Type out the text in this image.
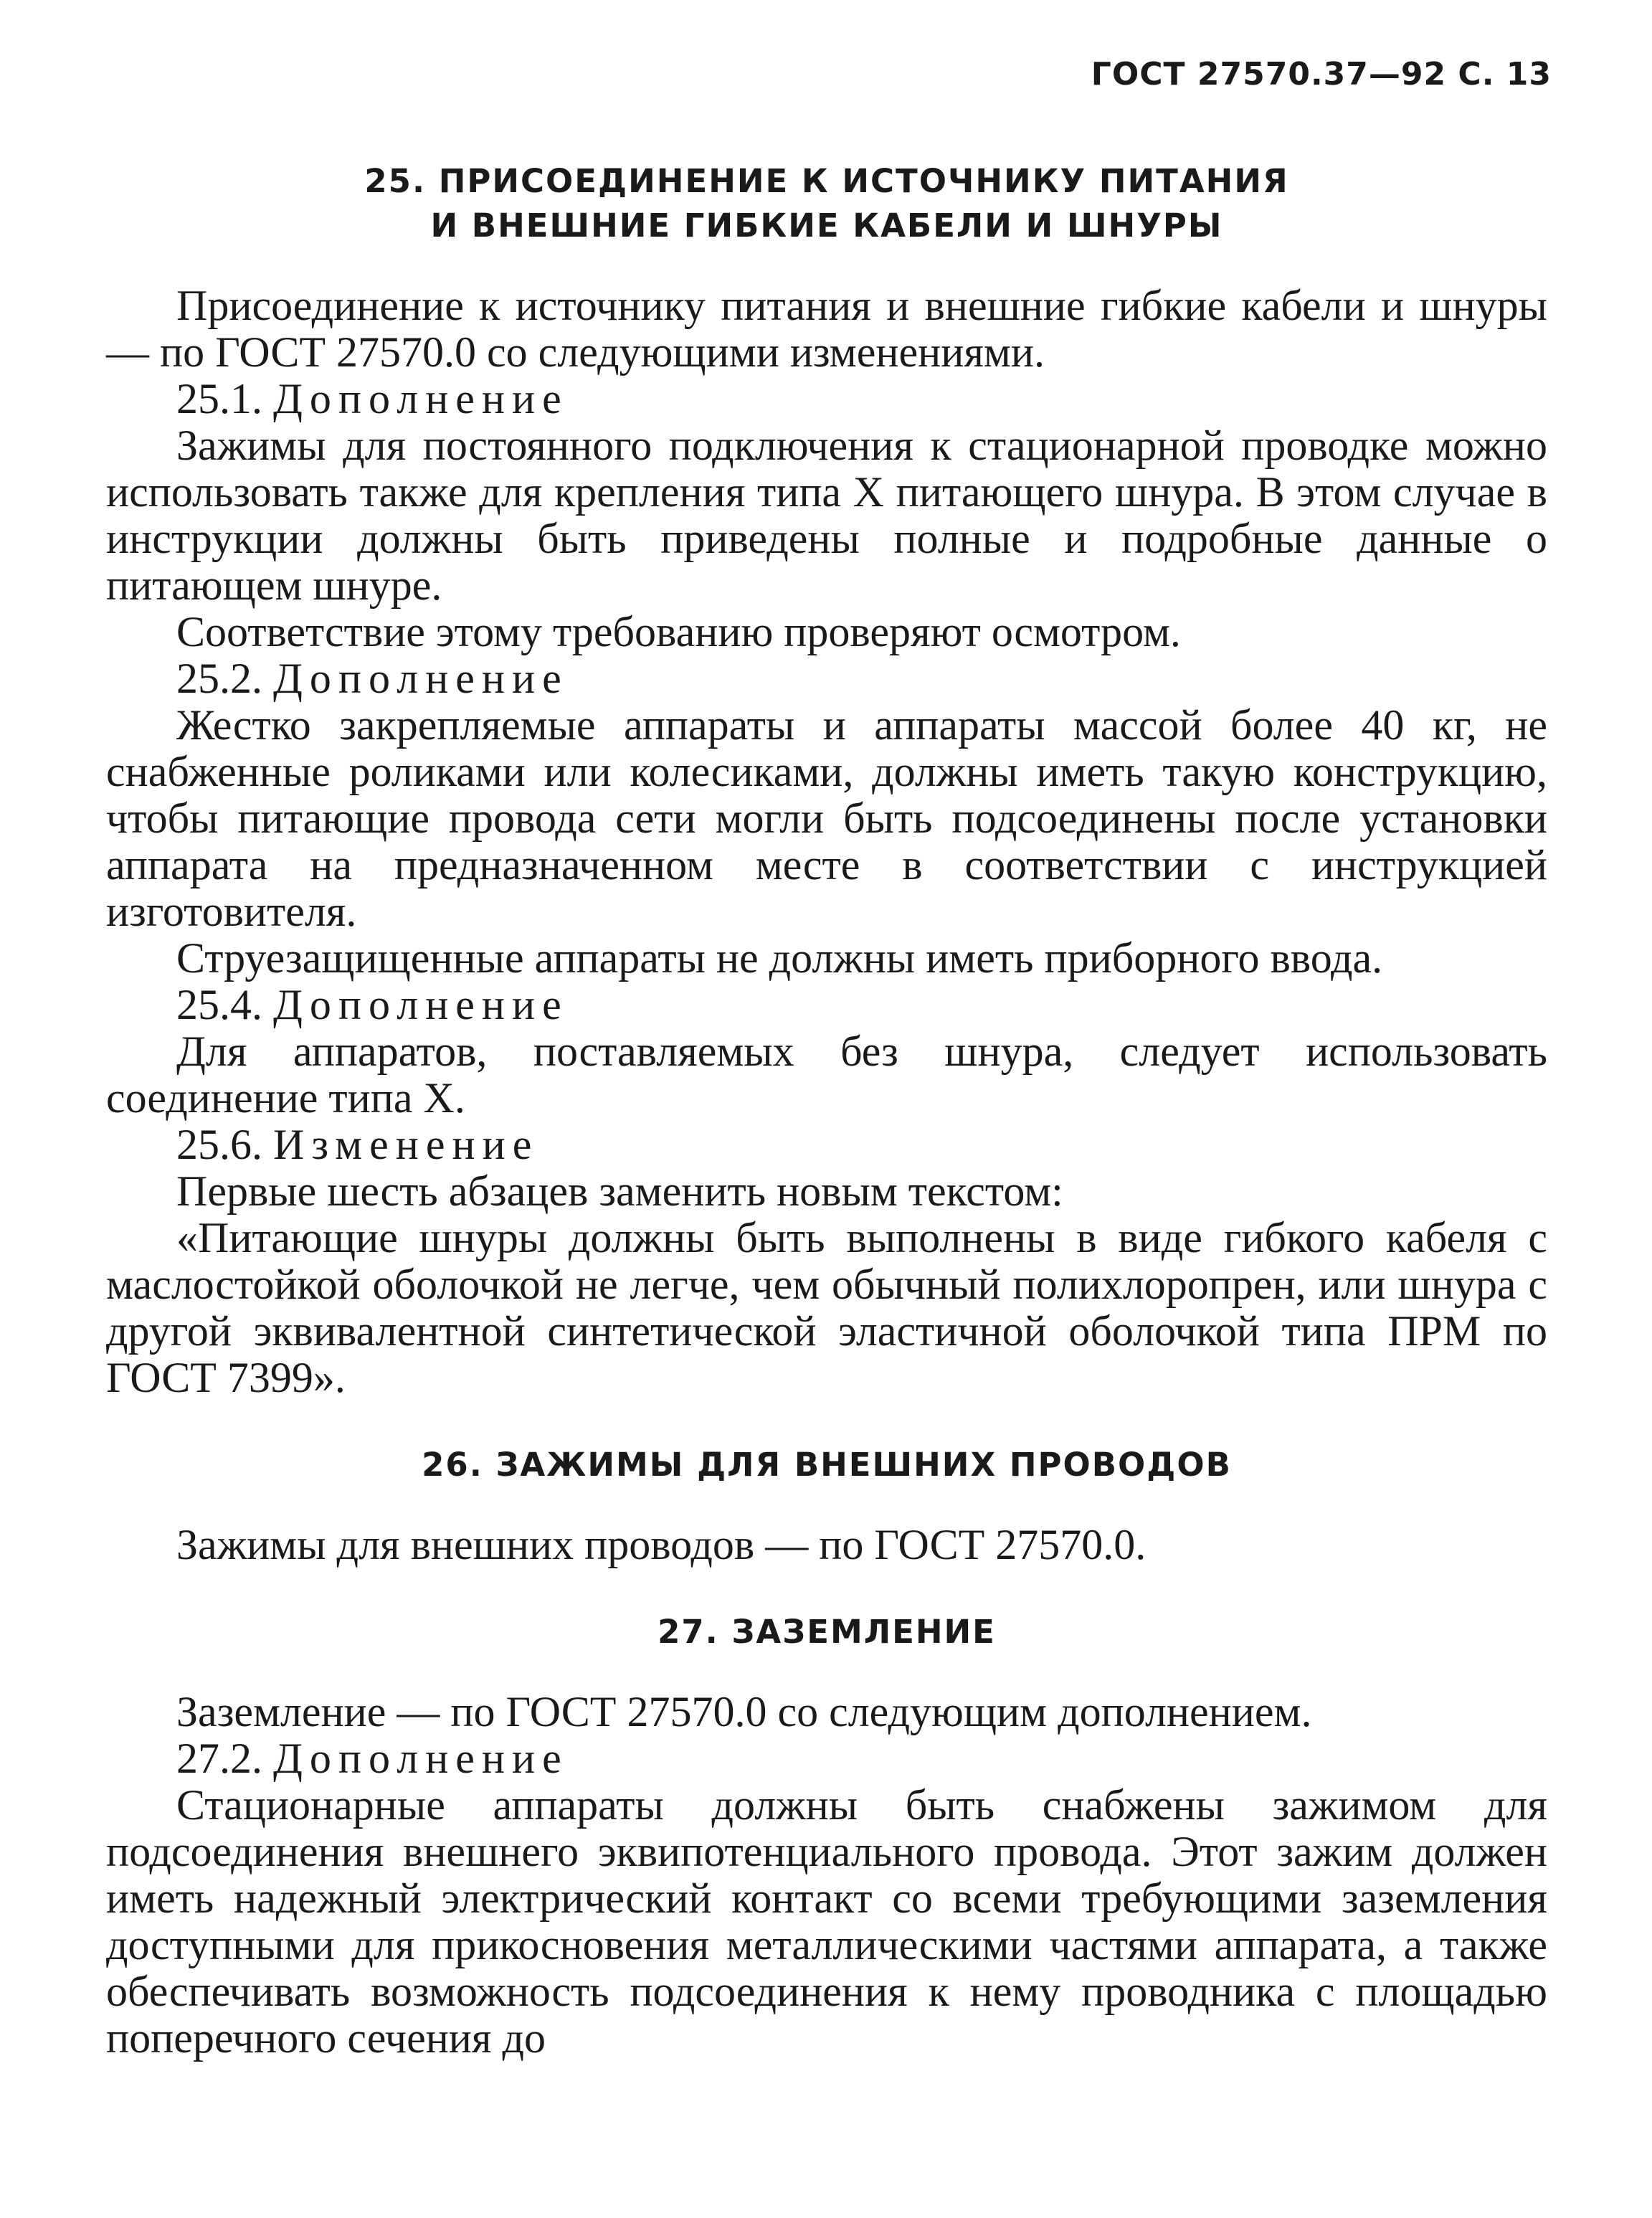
ГОСТ 27570.37—92 С. 13
25. ПРИСОЕДИНЕНИЕ К ИСТОЧНИКУ ПИТАНИЯ
И ВНЕШНИЕ ГИБКИЕ КАБЕЛИ И ШНУРЫ

Присоединение к источнику питания и внешние гибкие кабели и шнуры — по ГОСТ 27570.0 со следующими изменениями.

25.1. Дополнение

Зажимы для постоянного подключения к стационарной проводке можно использовать также для крепления типа X питающего шнура. В этом случае в инструкции должны быть приведены полные и подробные данные о питающем шнуре.

Соответствие этому требованию проверяют осмотром.

25.2. Дополнение

Жестко закрепляемые аппараты и аппараты массой более 40 кг, не снабженные роликами или колесиками, должны иметь такую конструкцию, чтобы питающие провода сети могли быть подсоединены после установки аппарата на предназначенном месте в соответствии с инструкцией изготовителя.

Струезащищенные аппараты не должны иметь приборного ввода.

25.4. Дополнение

Для аппаратов, поставляемых без шнура, следует использовать соединение типа X.

25.6. Изменение

Первые шесть абзацев заменить новым текстом:

«Питающие шнуры должны быть выполнены в виде гибкого кабеля с маслостойкой оболочкой не легче, чем обычный полихлоропрен, или шнура с другой эквивалентной синтетической эластичной оболочкой типа ПРМ по ГОСТ 7399».

26. ЗАЖИМЫ ДЛЯ ВНЕШНИХ ПРОВОДОВ

Зажимы для внешних проводов — по ГОСТ 27570.0.

27. ЗАЗЕМЛЕНИЕ

Заземление — по ГОСТ 27570.0 со следующим дополнением.

27.2. Дополнение

Стационарные аппараты должны быть снабжены зажимом для подсоединения внешнего эквипотенциального провода. Этот зажим должен иметь надежный электрический контакт со всеми требующими заземления доступными для прикосновения металлическими частями аппарата, а также обеспечивать возможность подсоединения к нему проводника с площадью поперечного сечения до
